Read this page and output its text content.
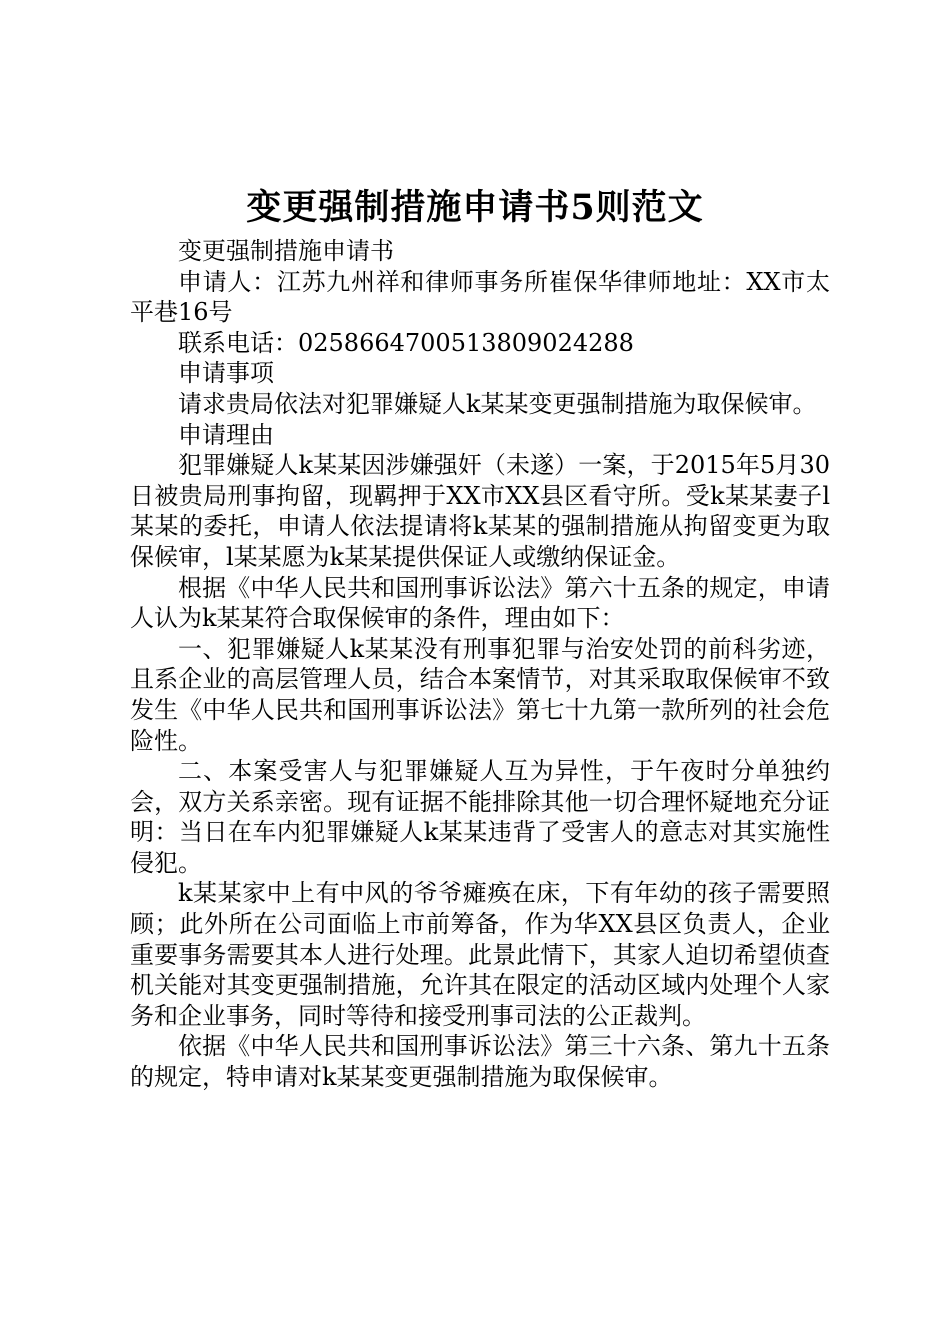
变更强制措施申请书5则范文

变更强制措施申请书

申请人：江苏九州祥和律师事务所崔保华律师地址：XX市太平巷16号

联系电话：025866470051380902​4288

申请事项

请求贵局依法对犯罪嫌疑人k某某变更强制措施为取保候审。

申请理由

犯罪嫌疑人k某某因涉嫌强奸（未遂）一案，于2015年5月30日被贵局刑事拘留，现羁押于XX市XX县区看守所。受k某某妻子l某某的委托，申请人依法提请将k某某的强制措施从拘留变更为取保候审，l某某愿为k某某提供保证人或缴纳保证金。

根据《中华人民共和国刑事诉讼法》第六十五条的规定，申请人认为k某某符合取保候审的条件，理由如下：

一、犯罪嫌疑人k某某没有刑事犯罪与治安处罚的前科劣迹，且系企业的高层管理人员，结合本案情节，对其采取取保候审不致发生《中华人民共和国刑事诉讼法》第七十九第一款所列的社会危险性。

二、本案受害人与犯罪嫌疑人互为异性，于午夜时分单独约会，双方关系亲密。现有证据不能排除其他一切合理怀疑地充分证明：当日在车内犯罪嫌疑人k某某违背了受害人的意志对其实施性侵犯。

k某某家中上有中风的爷爷瘫痪在床，下有年幼的孩子需要照顾；此外所在公司面临上市前筹备，作为华XX县区负责人，企业重要事务需要其本人进行处理。此景此情下，其家人迫切希望侦查机关能对其变更强制措施，允许其在限定的活动区域内处理个人家务和企业事务，同时等待和接受刑事司法的公正裁判。

依据《中华人民共和国刑事诉讼法》第三十六条、第九十五条的规定，特申请对k某某变更强制措施为取保候审。
